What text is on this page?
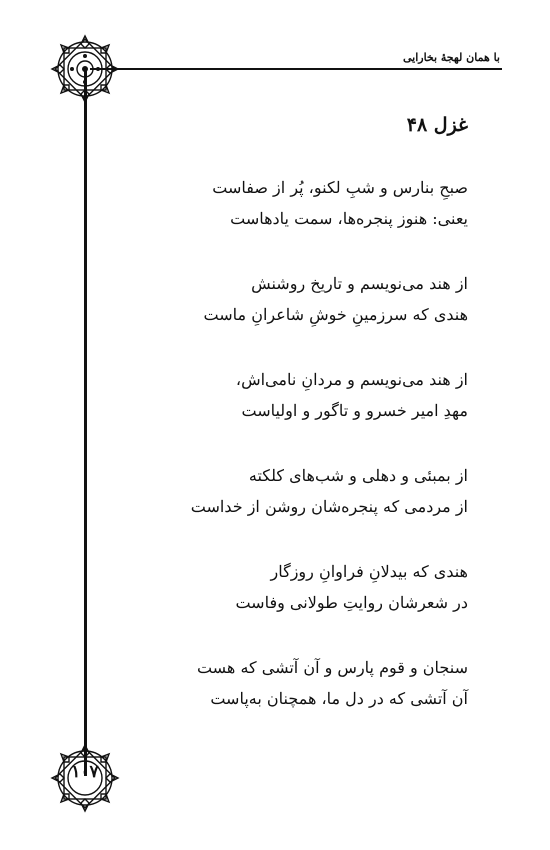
با همان لهجهٔ بخارایی
۱۰۷
غزل ۴۸
صبحِ بنارس و شبِ لکنو، پُر از صفاست
یعنی: هنوز پنجره‌ها، سمت یادهاست
از هند می‌نویسم و تاریخ روشنش
هندی که سرزمینِ خوشِ شاعرانِ ماست
از هند می‌نویسم و مردانِ نامی‌اش،
مهدِ امیر خسرو و تاگور و اولیاست
از بمبئی و دهلی و شب‌های کلکته
از مردمی که پنجره‌شان روشن از خداست
هندی که بیدلانِ فراوانِ روزگار
در شعرشان روایتِ طولانی وفاست
سنجان و قوم پارس و آن آتشی که هست
آن آتشی که در دل ما، همچنان به‌پاست
